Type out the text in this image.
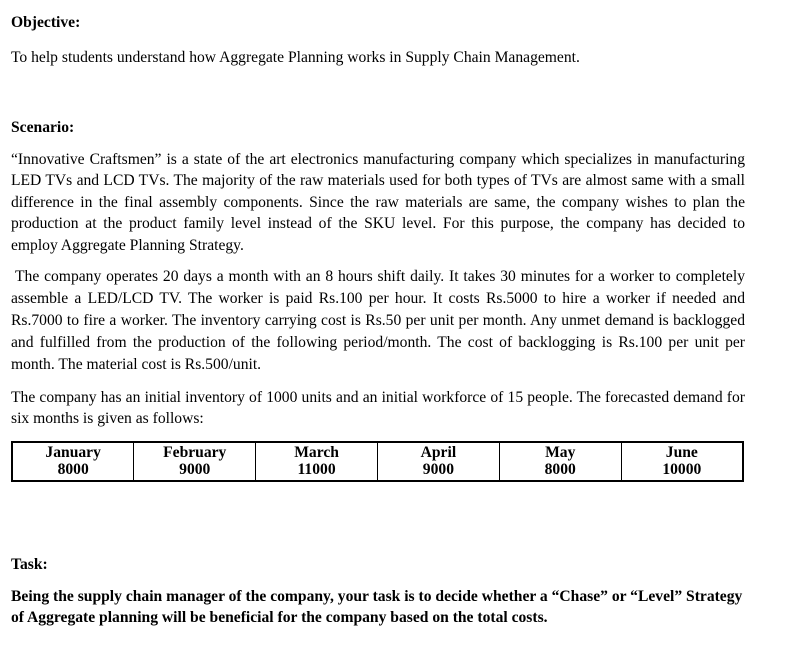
Objective:
To help students understand how Aggregate Planning works in Supply Chain Management.
Scenario:
“Innovative Craftsmen” is a state of the art electronics manufacturing company which specializes in manufacturing LED TVs and LCD TVs. The majority of the raw materials used for both types of TVs are almost same with a small difference in the final assembly components. Since the raw materials are same, the company wishes to plan the production at the product family level instead of the SKU level. For this purpose, the company has decided to employ Aggregate Planning Strategy.
The company operates 20 days a month with an 8 hours shift daily. It takes 30 minutes for a worker to completely assemble a LED/LCD TV. The worker is paid Rs.100 per hour. It costs Rs.5000 to hire a worker if needed and Rs.7000 to fire a worker. The inventory carrying cost is Rs.50 per unit per month. Any unmet demand is backlogged and fulfilled from the production of the following period/month. The cost of backlogging is Rs.100 per unit per month. The material cost is Rs.500/unit.
The company has an initial inventory of 1000 units and an initial workforce of 15 people. The forecasted demand for six months is given as follows:
January	February	March	April	May	June
8000	9000	11000	9000	8000	10000
Task:
Being the supply chain manager of the company, your task is to decide whether a “Chase” or “Level” Strategy of Aggregate planning will be beneficial for the company based on the total costs.
